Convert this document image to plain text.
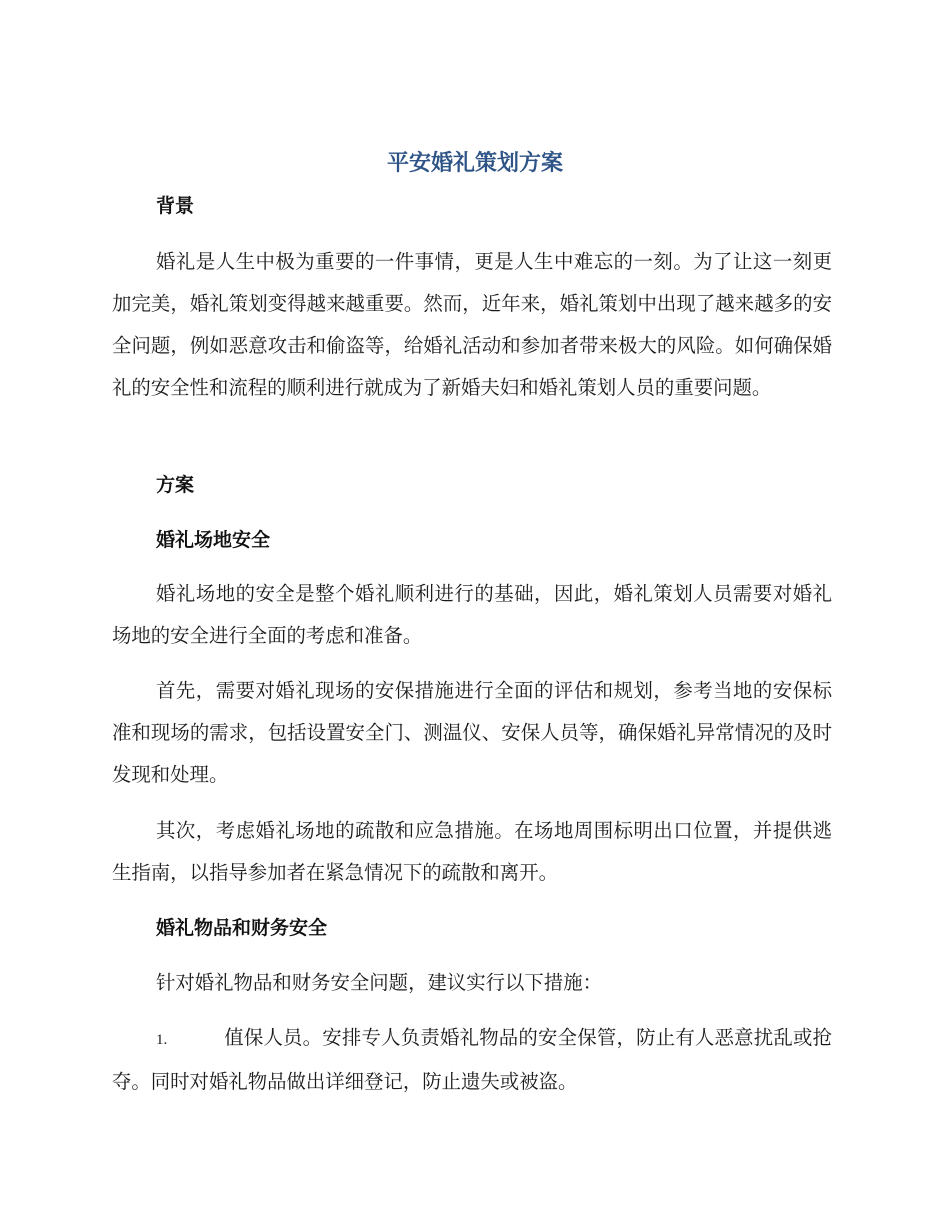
平安婚礼策划方案
背景

婚礼是人生中极为重要的一件事情，更是人生中难忘的一刻。为了让这一刻更加完美，婚礼策划变得越来越重要。然而，近年来，婚礼策划中出现了越来越多的安全问题，例如恶意攻击和偷盗等，给婚礼活动和参加者带来极大的风险。如何确保婚礼的安全性和流程的顺利进行就成为了新婚夫妇和婚礼策划人员的重要问题。

方案
婚礼场地安全

婚礼场地的安全是整个婚礼顺利进行的基础，因此，婚礼策划人员需要对婚礼场地的安全进行全面的考虑和准备。

首先，需要对婚礼现场的安保措施进行全面的评估和规划，参考当地的安保标准和现场的需求，包括设置安全门、测温仪、安保人员等，确保婚礼异常情况的及时发现和处理。

其次，考虑婚礼场地的疏散和应急措施。在场地周围标明出口位置，并提供逃生指南，以指导参加者在紧急情况下的疏散和离开。

婚礼物品和财务安全

针对婚礼物品和财务安全问题，建议实行以下措施：

1.	值保人员。安排专人负责婚礼物品的安全保管，防止有人恶意扰乱或抢夺。同时对婚礼物品做出详细登记，防止遗失或被盗。
